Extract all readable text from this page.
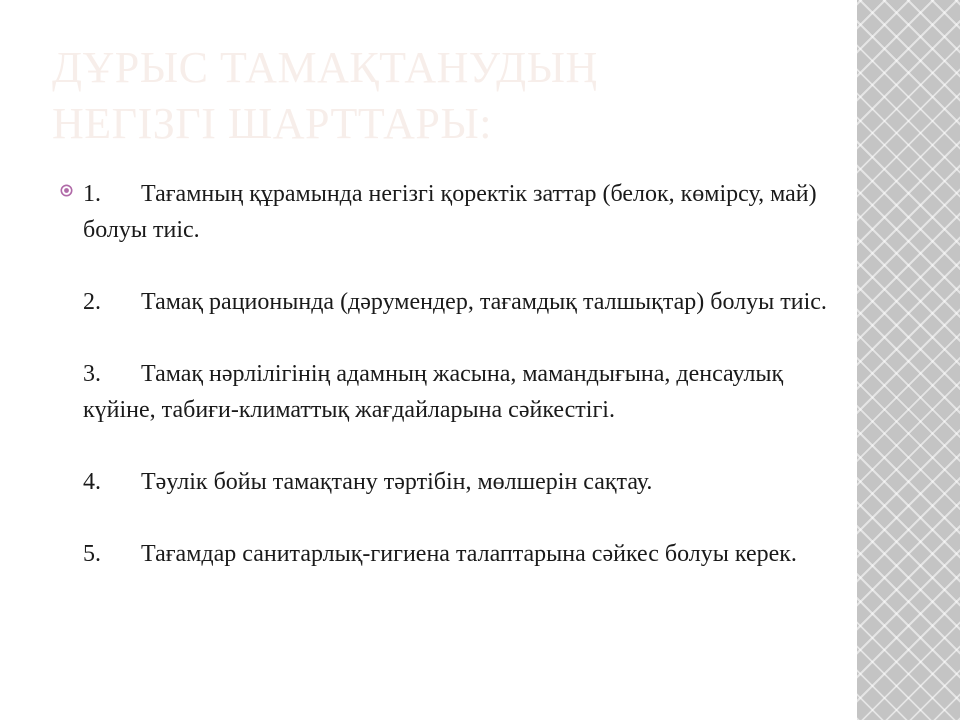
ДҰРЫС ТАМАҚТАНУДЫҢ
НЕГІЗГІ ШАРТТАРЫ:
1. Тағамның құрамында негізгі қоректік заттар (белок, көмірсу, май) болуы тиіс.
2. Тамақ рационында (дәрумендер, тағамдық талшықтар) болуы тиіс.
3. Тамақ нәрлілігінің адамның жасына, мамандығына, денсаулық күйіне, табиғи-климаттық жағдайларына сәйкестігі.
4. Тәулік бойы тамақтану тәртібін, мөлшерін сақтау.
5. Тағамдар санитарлық-гигиена талаптарына сәйкес болуы керек.
